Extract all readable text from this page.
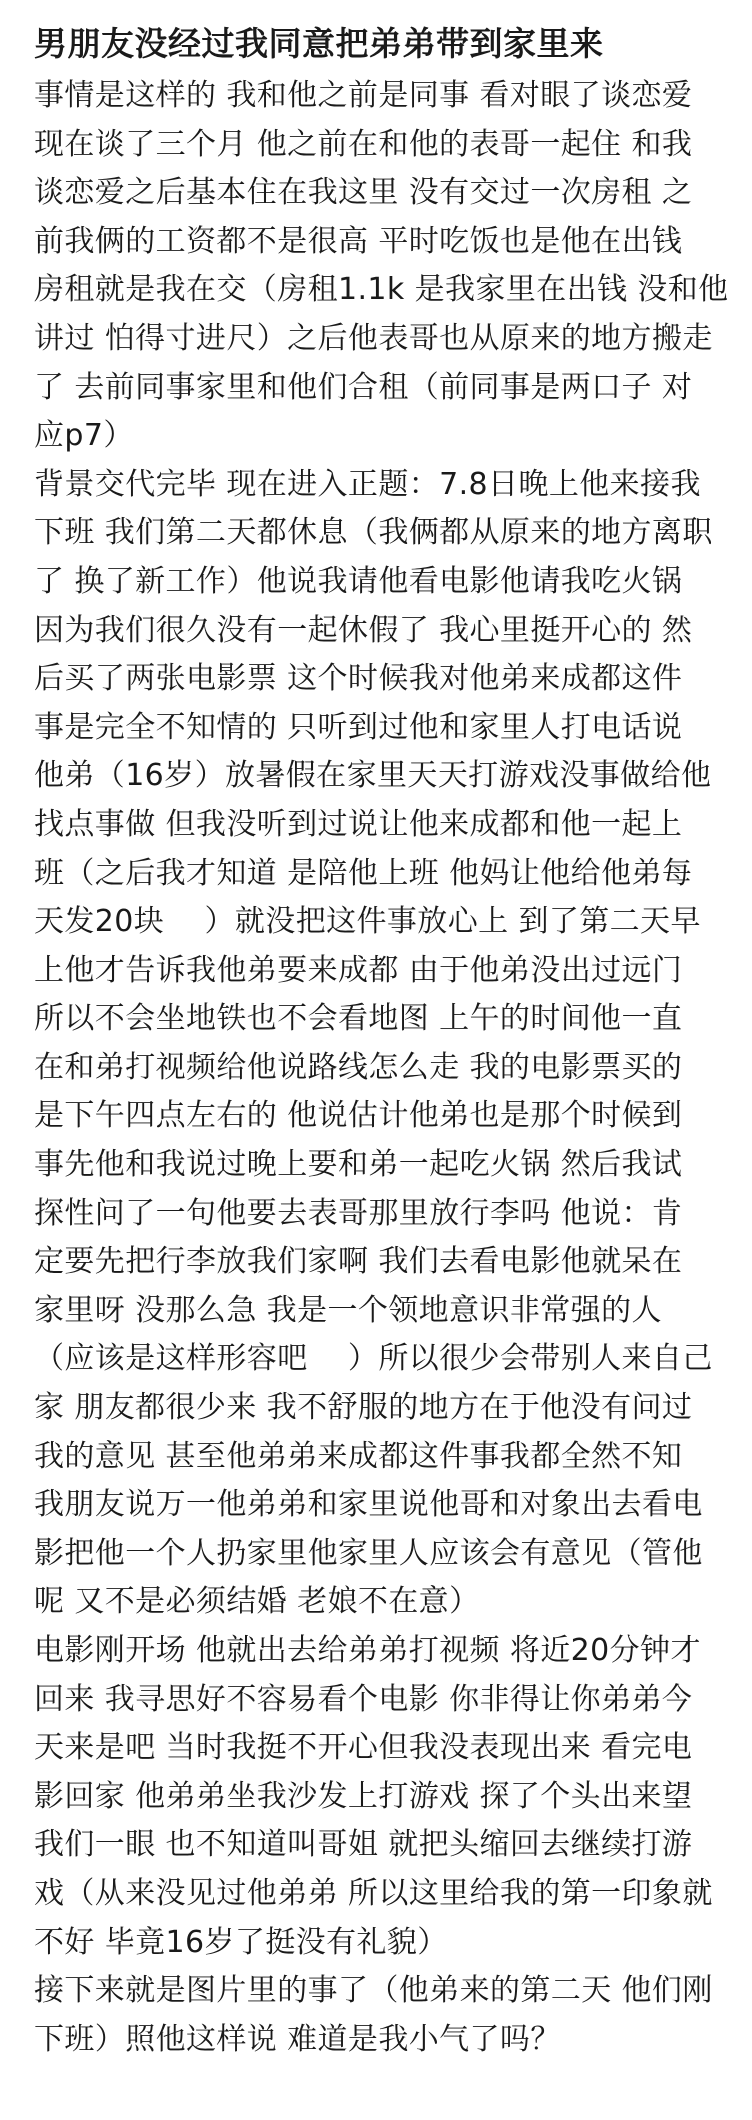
男朋友没经过我同意把弟弟带到家里来
事情是这样的 我和他之前是同事 看对眼了谈恋爱
现在谈了三个月 他之前在和他的表哥一起住 和我
谈恋爱之后基本住在我这里 没有交过一次房租 之
前我俩的工资都不是很高 平时吃饭也是他在出钱
房租就是我在交（房租1.1k 是我家里在出钱 没和他
讲过 怕得寸进尺）之后他表哥也从原来的地方搬走
了 去前同事家里和他们合租（前同事是两口子 对
应p7）
背景交代完毕 现在进入正题：7.8日晚上他来接我
下班 我们第二天都休息（我俩都从原来的地方离职
了 换了新工作）他说我请他看电影他请我吃火锅
因为我们很久没有一起休假了 我心里挺开心的 然
后买了两张电影票 这个时候我对他弟来成都这件
事是完全不知情的 只听到过他和家里人打电话说
他弟（16岁）放暑假在家里天天打游戏没事做给他
找点事做 但我没听到过说让他来成都和他一起上
班（之后我才知道 是陪他上班 他妈让他给他弟每
天发20块　 ）就没把这件事放心上 到了第二天早
上他才告诉我他弟要来成都 由于他弟没出过远门
所以不会坐地铁也不会看地图 上午的时间他一直
在和弟打视频给他说路线怎么走 我的电影票买的
是下午四点左右的 他说估计他弟也是那个时候到
事先他和我说过晚上要和弟一起吃火锅 然后我试
探性问了一句他要去表哥那里放行李吗 他说：肯
定要先把行李放我们家啊 我们去看电影他就呆在
家里呀 没那么急 我是一个领地意识非常强的人
（应该是这样形容吧　 ）所以很少会带别人来自己
家 朋友都很少来 我不舒服的地方在于他没有问过
我的意见 甚至他弟弟来成都这件事我都全然不知
我朋友说万一他弟弟和家里说他哥和对象出去看电
影把他一个人扔家里他家里人应该会有意见（管他
呢 又不是必须结婚 老娘不在意）
电影刚开场 他就出去给弟弟打视频 将近20分钟才
回来 我寻思好不容易看个电影 你非得让你弟弟今
天来是吧 当时我挺不开心但我没表现出来 看完电
影回家 他弟弟坐我沙发上打游戏 探了个头出来望
我们一眼 也不知道叫哥姐 就把头缩回去继续打游
戏（从来没见过他弟弟 所以这里给我的第一印象就
不好 毕竟16岁了挺没有礼貌）
接下来就是图片里的事了（他弟来的第二天 他们刚
下班）照他这样说 难道是我小气了吗？
